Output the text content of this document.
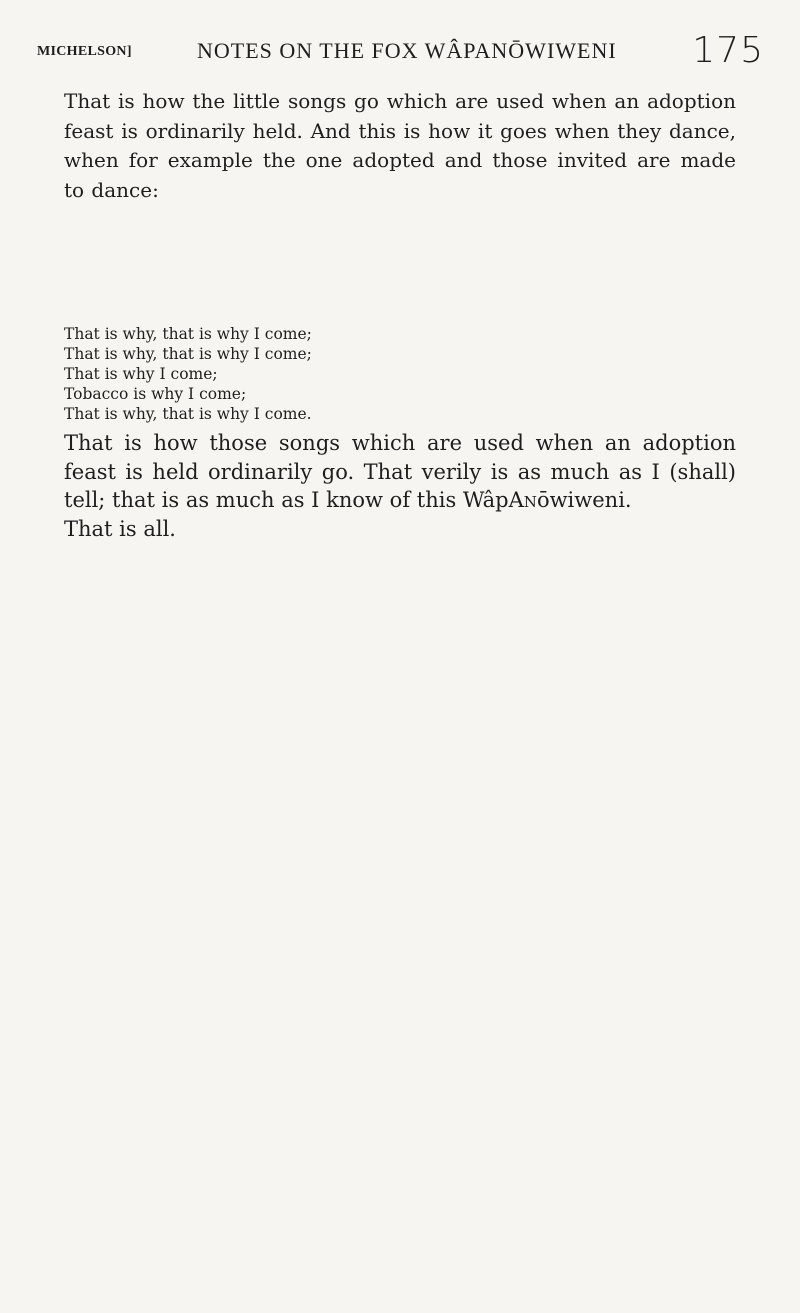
MICHELSON]	NOTES ON THE FOX WÂPANŌWIWENI 175

That is how the little songs go which are used when an adoption feast is ordinarily held. And this is how it goes when they dance, when for example the one adopted and those invited are made to dance:

That is why, that is why I come;
That is why, that is why I come;
That is why I come;
Tobacco is why I come;
That is why, that is why I come.

That is how those songs which are used when an adoption feast is held ordinarily go. That verily is as much as I (shall) tell; that is as much as I know of this WâpAnōwiweni.

That is all.
